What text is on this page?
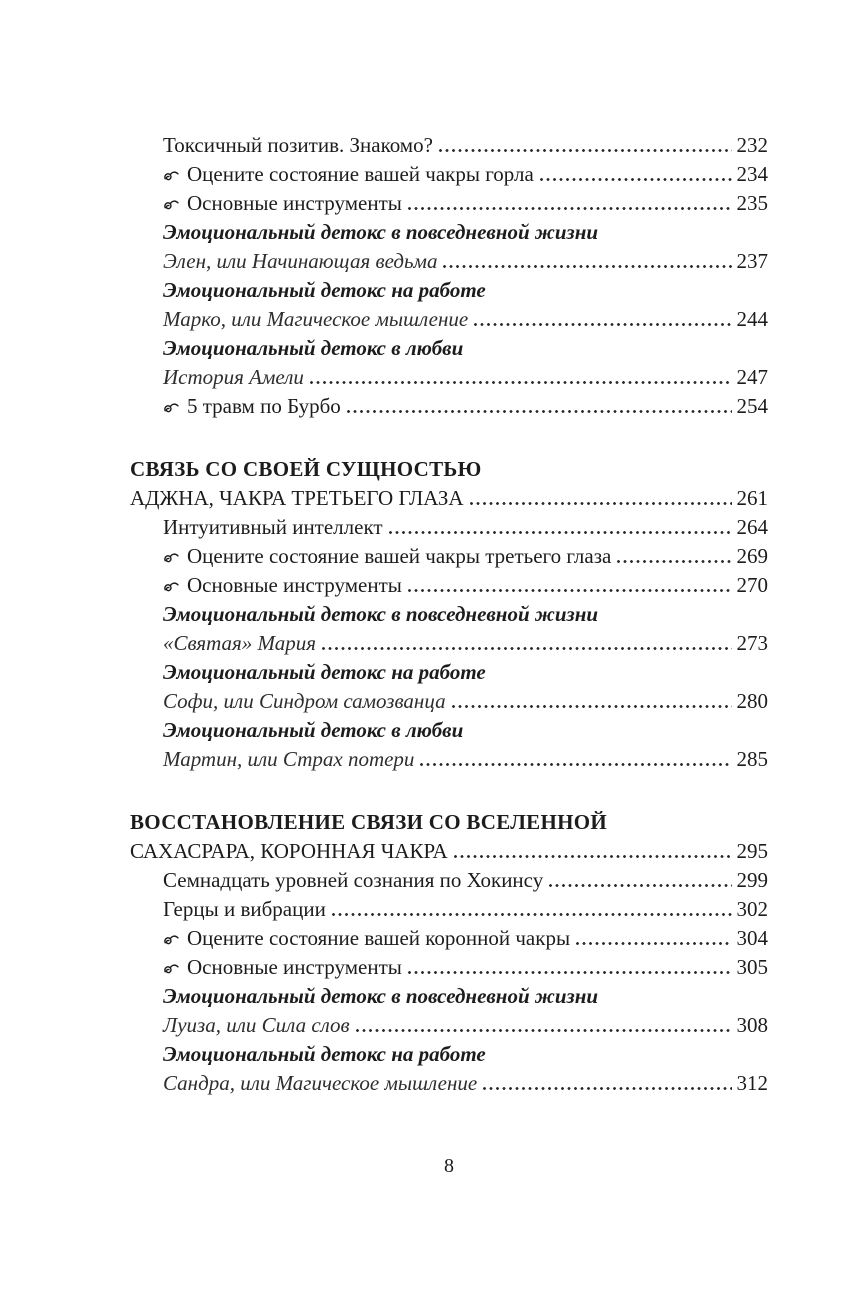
Токсичный позитив. Знакомо?	232
Оцените состояние вашей чакры горла	234
Основные инструменты	235
Эмоциональный детокс в повседневной жизни
Элен, или Начинающая ведьма	237
Эмоциональный детокс на работе
Марко, или Магическое мышление	244
Эмоциональный детокс в любви
История Амели	247
5 травм по Бурбо	254
СВЯЗЬ СО СВОЕЙ СУЩНОСТЬЮ
АДЖНА, ЧАКРА ТРЕТЬЕГО ГЛАЗА	261
Интуитивный интеллект	264
Оцените состояние вашей чакры третьего глаза	269
Основные инструменты	270
Эмоциональный детокс в повседневной жизни
«Святая» Мария	273
Эмоциональный детокс на работе
Софи, или Синдром самозванца	280
Эмоциональный детокс в любви
Мартин, или Страх потери	285
ВОССТАНОВЛЕНИЕ СВЯЗИ СО ВСЕЛЕННОЙ
САХАСРАРА, КОРОННАЯ ЧАКРА	295
Семнадцать уровней сознания по Хокинсу	299
Герцы и вибрации	302
Оцените состояние вашей коронной чакры	304
Основные инструменты	305
Эмоциональный детокс в повседневной жизни
Луиза, или Сила слов	308
Эмоциональный детокс на работе
Сандра, или Магическое мышление	312
8
